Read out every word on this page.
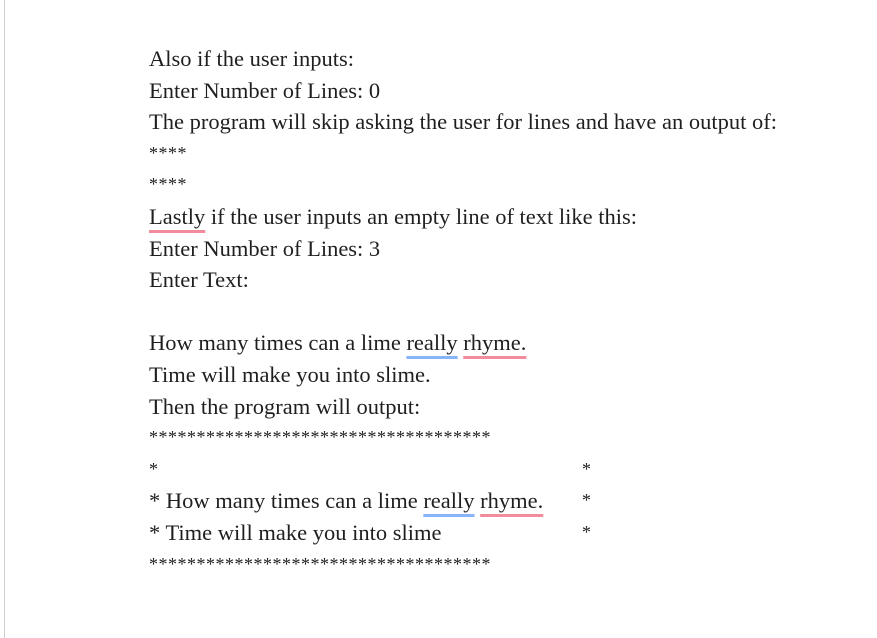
Also if the user inputs:
Enter Number of Lines: 0
The program will skip asking the user for lines and have an output of:
****
****
Lastly if the user inputs an empty line of text like this:
Enter Number of Lines: 3
Enter Text:
How many times can a lime really rhyme.
Time will make you into slime.
Then the program will output:
************************************
*	*
* How many times can a lime really rhyme. *
* Time will make you into slime	*
************************************
